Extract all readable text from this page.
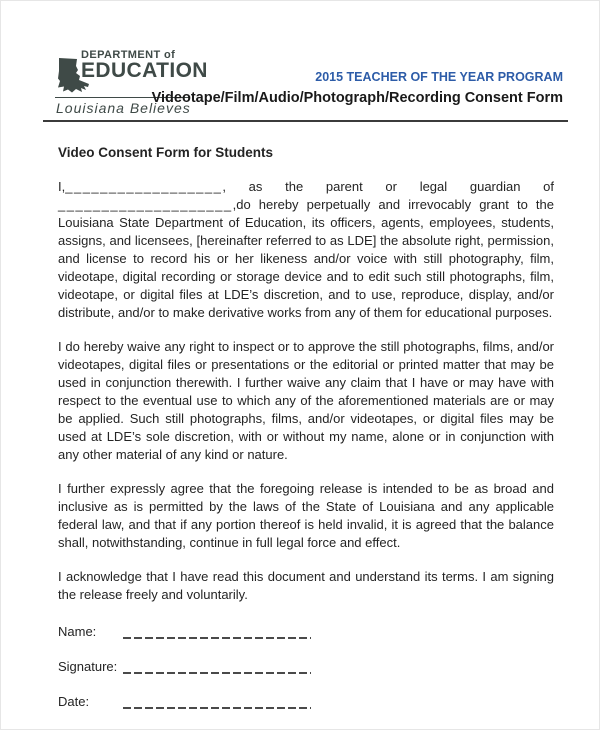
DEPARTMENT of
EDUCATION
Louisiana Believes
2015 TEACHER OF THE YEAR PROGRAM
Videotape/Film/Audio/Photograph/Recording Consent Form
Video Consent Form for Students

I,__________________, as the parent or legal guardian of ____________________,do hereby perpetually and irrevocably grant to the Louisiana State Department of Education, its officers, agents, employees, students, assigns, and licensees, [hereinafter referred to as LDE] the absolute right, permission, and license to record his or her likeness and/or voice with still photography, film, videotape, digital recording or storage device and to edit such still photographs, film, videotape, or digital files at LDE’s discretion, and to use, reproduce, display, and/or distribute, and/or to make derivative works from any of them for educational purposes.

I do hereby waive any right to inspect or to approve the still photographs, films, and/or videotapes, digital files or presentations or the editorial or printed matter that may be used in conjunction therewith. I further waive any claim that I have or may have with respect to the eventual use to which any of the aforementioned materials are or may be applied. Such still photographs, films, and/or videotapes, or digital files may be used at LDE’s sole discretion, with or without my name, alone or in conjunction with any other material of any kind or nature.

I further expressly agree that the foregoing release is intended to be as broad and inclusive as is permitted by the laws of the State of Louisiana and any applicable federal law, and that if any portion thereof is held invalid, it is agreed that the balance shall, notwithstanding, continue in full legal force and effect.

I acknowledge that I have read this document and understand its terms. I am signing the release freely and voluntarily.

Name:
Signature:
Date:
